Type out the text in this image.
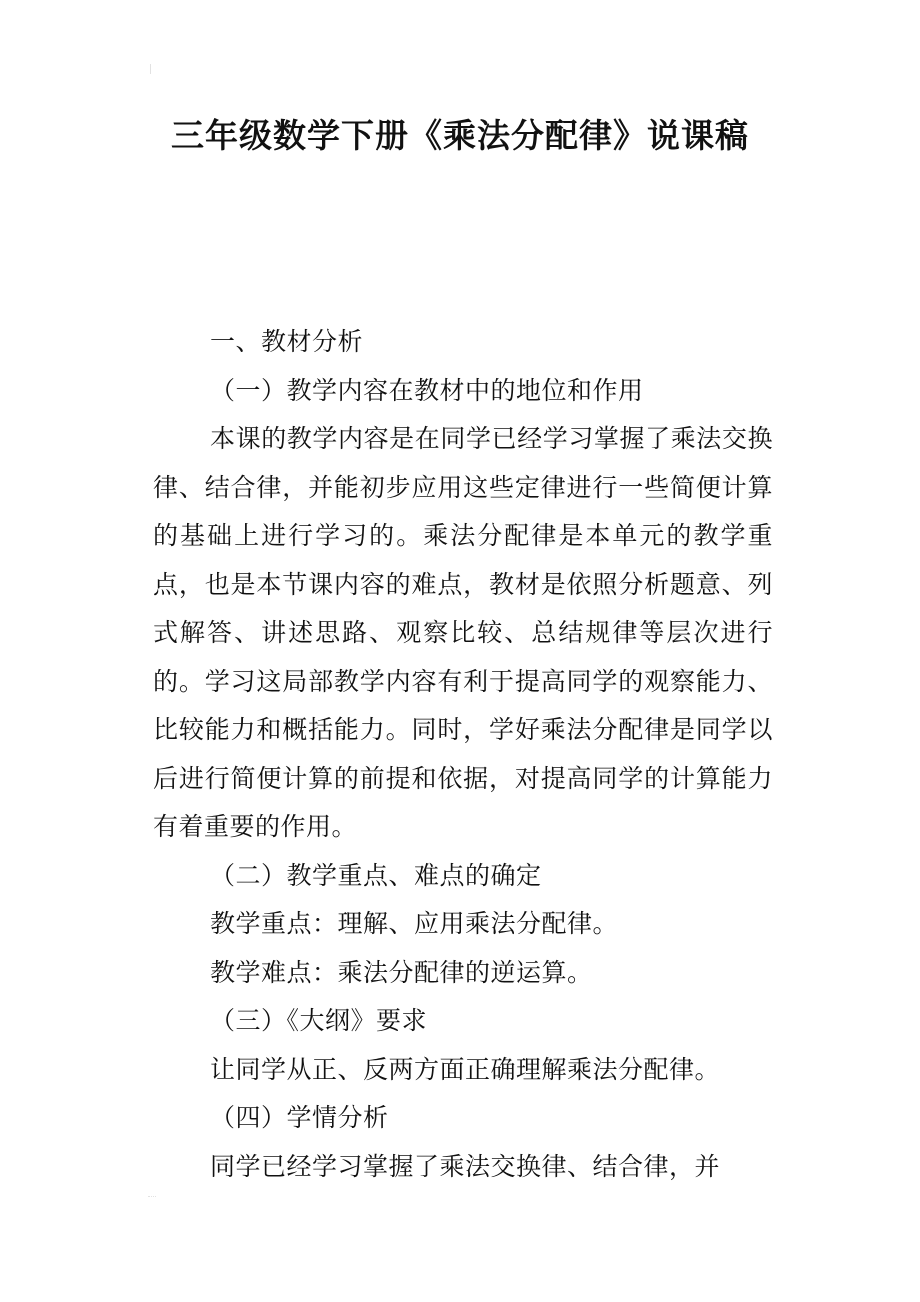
三年级数学下册《乘法分配律》说课稿

一、教材分析

（一）教学内容在教材中的地位和作用

本课的教学内容是在同学已经学习掌握了乘法交换律、结合律，并能初步应用这些定律进行一些简便计算的基础上进行学习的。乘法分配律是本单元的教学重点，也是本节课内容的难点，教材是依照分析题意、列式解答、讲述思路、观察比较、总结规律等层次进行的。学习这局部教学内容有利于提高同学的观察能力、比较能力和概括能力。同时，学好乘法分配律是同学以后进行简便计算的前提和依据，对提高同学的计算能力有着重要的作用。

（二）教学重点、难点的确定

教学重点：理解、应用乘法分配律。

教学难点：乘法分配律的逆运算。

（三）《大纲》要求

让同学从正、反两方面正确理解乘法分配律。

（四）学情分析

同学已经学习掌握了乘法交换律、结合律，并
